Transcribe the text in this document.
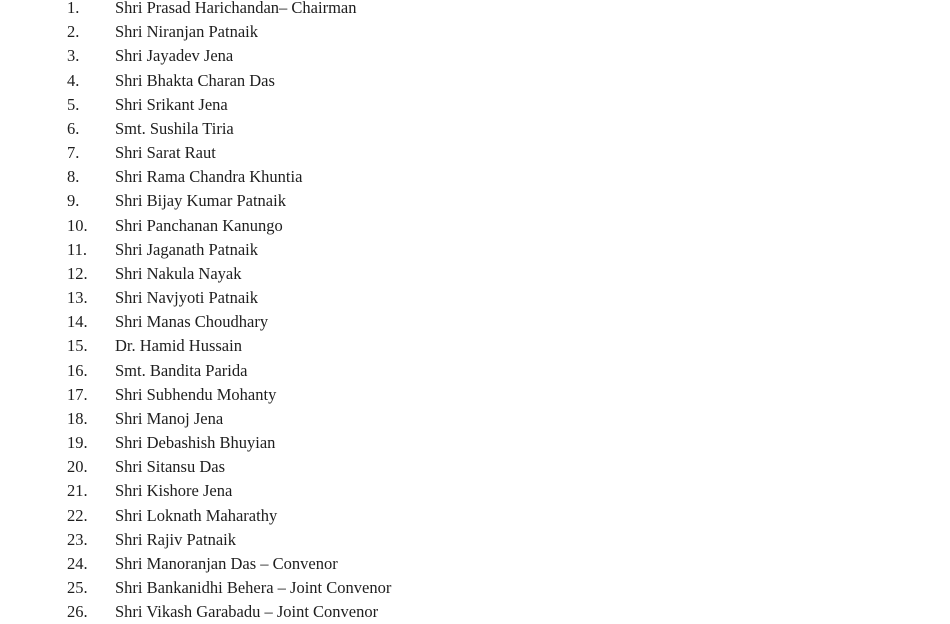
1. Shri Prasad Harichandan– Chairman
2. Shri Niranjan Patnaik
3. Shri Jayadev Jena
4. Shri Bhakta Charan Das
5. Shri Srikant Jena
6. Smt. Sushila Tiria
7. Shri Sarat Raut
8. Shri Rama Chandra Khuntia
9. Shri Bijay Kumar Patnaik
10. Shri Panchanan Kanungo
11. Shri Jaganath Patnaik
12. Shri Nakula Nayak
13. Shri Navjyoti Patnaik
14. Shri Manas Choudhary
15. Dr. Hamid Hussain
16. Smt. Bandita Parida
17. Shri Subhendu Mohanty
18. Shri Manoj Jena
19. Shri Debashish Bhuyian
20. Shri Sitansu Das
21. Shri Kishore Jena
22. Shri Loknath Maharathy
23. Shri Rajiv Patnaik
24. Shri Manoranjan Das – Convenor
25. Shri Bankanidhi Behera – Joint Convenor
26. Shri Vikash Garabadu – Joint Convenor
